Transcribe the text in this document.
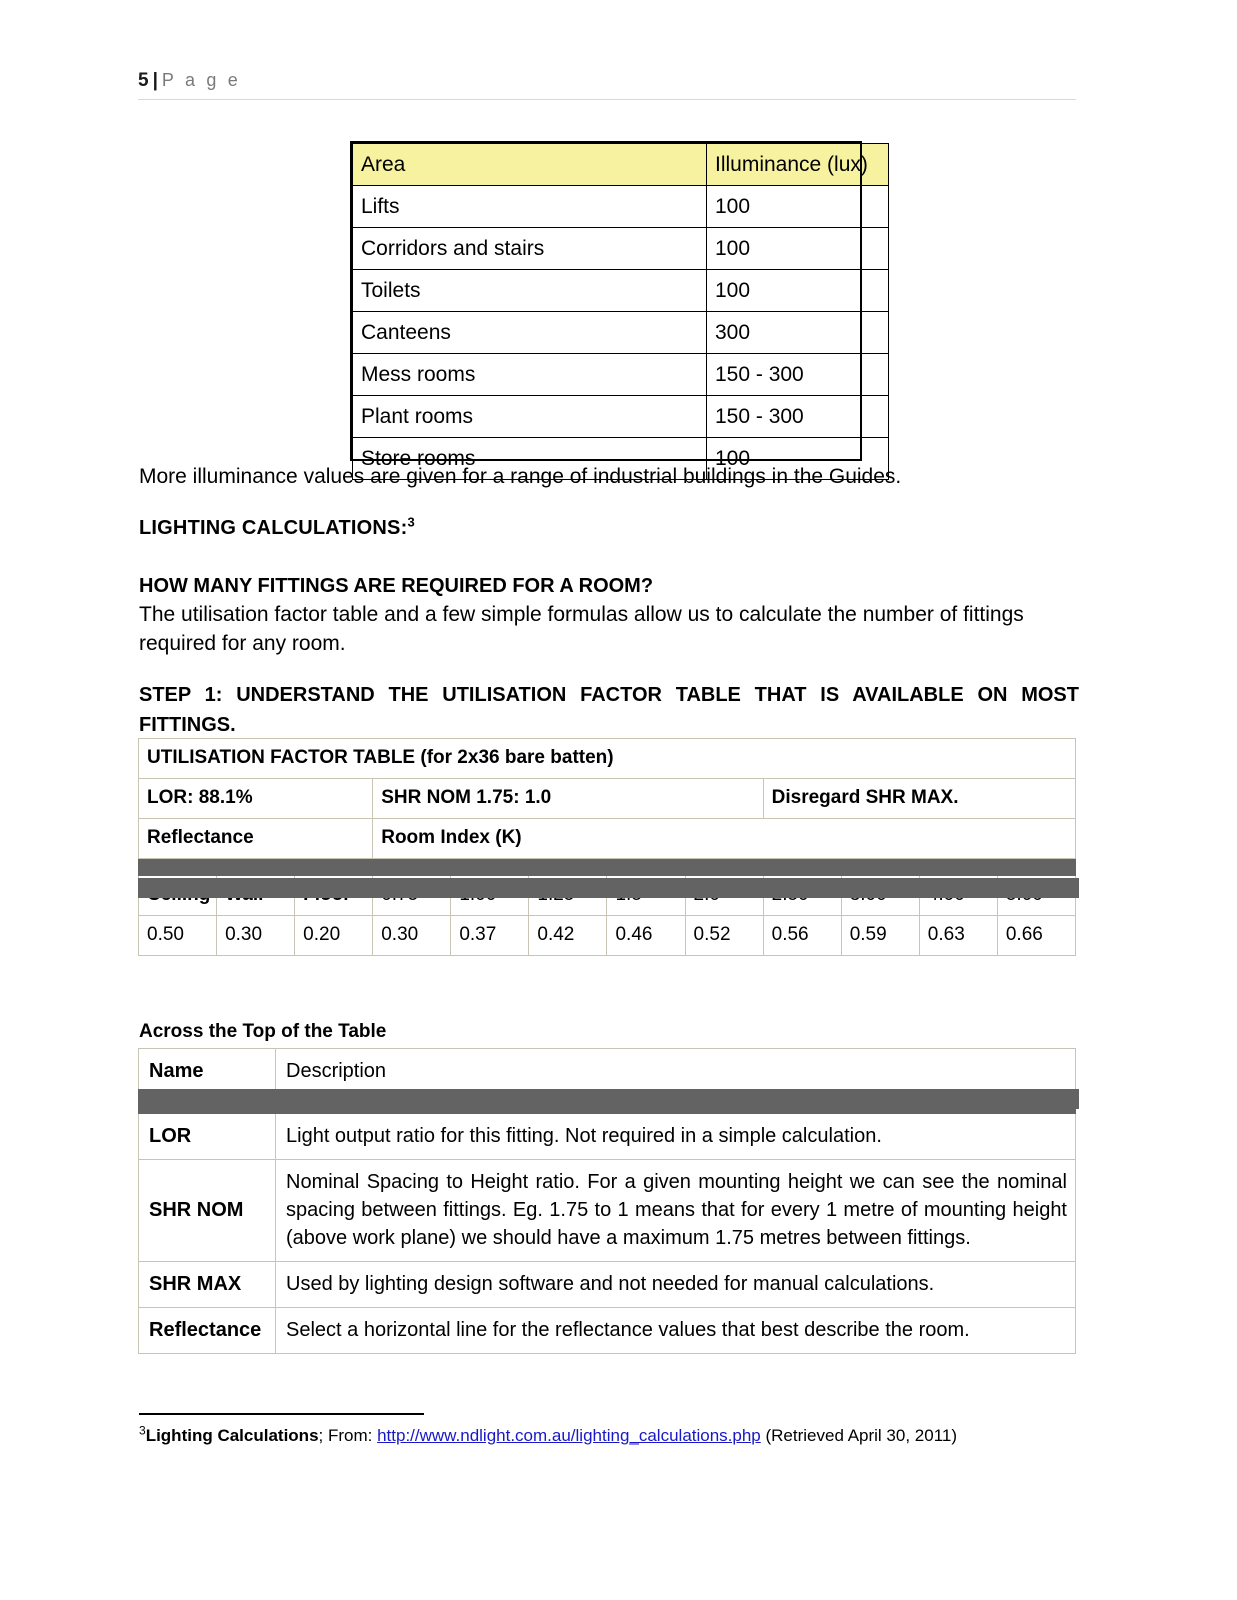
5 | P a g e
Area	Illuminance (lux)
Lifts	100
Corridors and stairs	100
Toilets	100
Canteens	300
Mess rooms	150 - 300
Plant rooms	150 - 300
Store rooms	100
More illuminance values are given for a range of industrial buildings in the Guides.
LIGHTING CALCULATIONS:$^3$
HOW MANY FITTINGS ARE REQUIRED FOR A ROOM?
The utilisation factor table and a few simple formulas allow us to calculate the number of fittings required for any room.
STEP 1: UNDERSTAND THE UTILISATION FACTOR TABLE THAT IS AVAILABLE ON MOST FITTINGS.
UTILISATION FACTOR TABLE (for 2x36 bare batten)											
LOR: 88.1%			SHR NOM 1.75: 1.0					Disregard SHR MAX.			
Reflectance			Room Index (K)								

0.50	0.30	0.20	0.30	0.37	0.42	0.46	0.52	0.56	0.59	0.63	0.66
Across the Top of the Table
Name	Description

LOR	Light output ratio for this fitting. Not required in a simple calculation.
SHR NOM	Nominal Spacing to Height ratio. For a given mounting height we can see the nominal spacing between fittings. Eg. 1.75 to 1 means that for every 1 metre of mounting height (above work plane) we should have a maximum 1.75 metres between fittings.
SHR MAX	Used by lighting design software and not needed for manual calculations.
Reflectance	Select a horizontal line for the reflectance values that best describe the room.
$^3$Lighting Calculations; From: http://www.ndlight.com.au/lighting_calculations.php (Retrieved April 30, 2011)
